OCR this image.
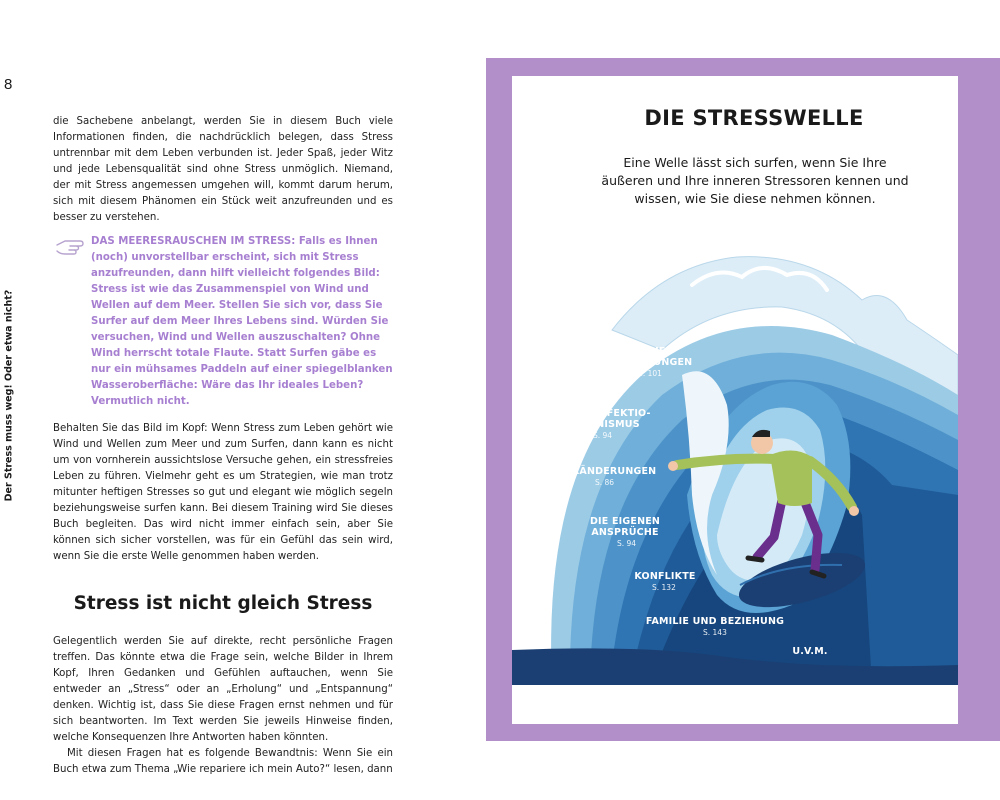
8
Der Stress muss weg! Oder etwa nicht?

die Sachebene anbelangt, werden Sie in diesem Buch viele Informationen finden, die nachdrücklich belegen, dass Stress untrennbar mit dem Leben verbunden ist. Jeder Spaß, jeder Witz und jede Lebensqualität sind ohne Stress unmöglich. Niemand, der mit Stress angemessen umgehen will, kommt darum herum, sich mit diesem Phänomen ein Stück weit anzufreunden und es besser zu verstehen.

DAS MEERESRAUSCHEN IM STRESS: Falls es Ihnen (noch) unvorstellbar erscheint, sich mit Stress anzufreunden, dann hilft vielleicht folgendes Bild: Stress ist wie das Zusammenspiel von Wind und Wellen auf dem Meer. Stellen Sie sich vor, dass Sie Surfer auf dem Meer Ihres Lebens sind. Würden Sie versuchen, Wind und Wellen auszuschalten? Ohne Wind herrscht totale Flaute. Statt Surfen gäbe es nur ein mühsames Paddeln auf einer spiegelblanken Wasseroberfläche: Wäre das Ihr ideales Leben? Vermutlich nicht.

Behalten Sie das Bild im Kopf: Wenn Stress zum Leben gehört wie Wind und Wellen zum Meer und zum Surfen, dann kann es nicht um von vornherein aussichtslose Versuche gehen, ein stressfreies Leben zu führen. Vielmehr geht es um Strategien, wie man trotz mitunter heftigen Stresses so gut und elegant wie möglich segeln beziehungsweise surfen kann. Bei diesem Training wird Sie dieses Buch begleiten. Das wird nicht immer einfach sein, aber Sie können sich sicher vorstellen, was für ein Gefühl das sein wird, wenn Sie die erste Welle genommen haben werden.

Stress ist nicht gleich Stress

Gelegentlich werden Sie auf direkte, recht persönliche Fragen treffen. Das könnte etwa die Frage sein, welche Bilder in Ihrem Kopf, Ihren Gedanken und Gefühlen auftauchen, wenn Sie entweder an „Stress“ oder an „Erholung“ und „Entspannung“ denken. Wichtig ist, dass Sie diese Fragen ernst nehmen und für sich beantworten. Im Text werden Sie jeweils Hinweise finden, welche Konsequenzen Ihre Antworten haben könnten.

Mit diesen Fragen hat es folgende Bewandtnis: Wenn Sie ein Buch etwa zum Thema „Wie repariere ich mein Auto?“ lesen, dann

DIE STRESSWELLE

Eine Welle lässt sich surfen, wenn Sie Ihre äußeren und Ihre inneren Stressoren kennen und wissen, wie Sie diese nehmen können.

HOHE
ERWARTUNGEN
S. 101
PERFEKTIO-
NISMUS
S. 94
VERÄNDERUNGEN
S. 86
DIE EIGENEN
ANSPRÜCHE
S. 94
KONFLIKTE
S. 132
FAMILIE UND BEZIEHUNG
S. 143
U.V.M.
